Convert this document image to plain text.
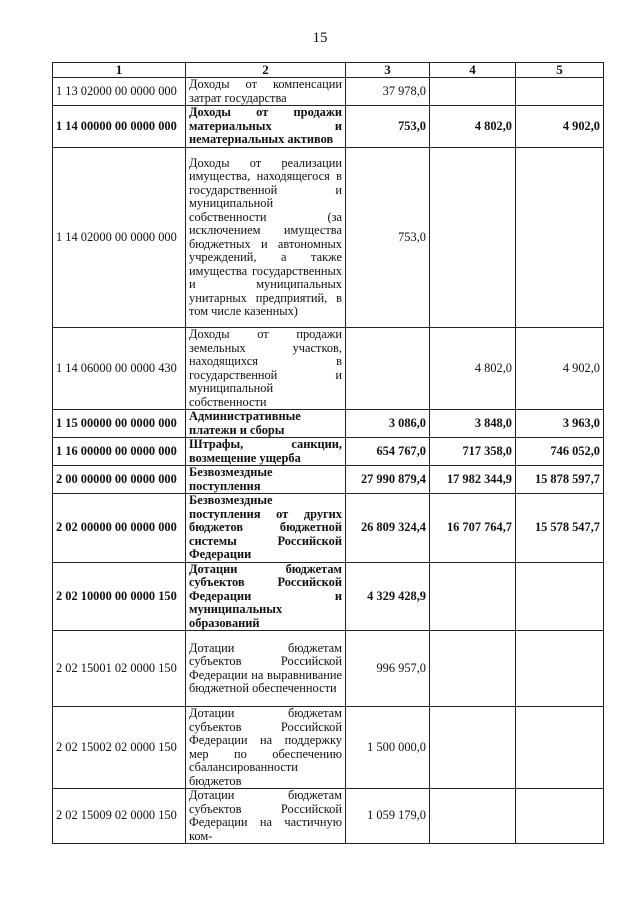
15
1	2	3	4	5
1 13 02000 00 0000 000	Доходы от компенсации затрат государства	37 978,0		
1 14 00000 00 0000 000	Доходы от продажи материальных и нематериальных активов	753,0	4 802,0	4 902,0
1 14 02000 00 0000 000	Доходы от реализации имущества, находящегося в государственной и муниципальной собственности (за исключением имущества бюджетных и автономных учреждений, а также имущества государственных и муниципальных унитарных предприятий, в том числе казенных)	753,0		
1 14 06000 00 0000 430	Доходы от продажи земельных участков, находящихся в государственной и муниципальной собственности		4 802,0	4 902,0
1 15 00000 00 0000 000	Административные платежи и сборы	3 086,0	3 848,0	3 963,0
1 16 00000 00 0000 000	Штрафы, санкции, возмещение ущерба	654 767,0	717 358,0	746 052,0
2 00 00000 00 0000 000	Безвозмездные поступления	27 990 879,4	17 982 344,9	15 878 597,7
2 02 00000 00 0000 000	Безвозмездные поступления от других бюджетов бюджетной системы Российской Федерации	26 809 324,4	16 707 764,7	15 578 547,7
2 02 10000 00 0000 150	Дотации бюджетам субъектов Российской Федерации и муниципальных образований	4 329 428,9		
2 02 15001 02 0000 150	Дотации бюджетам субъектов Российской Федерации на выравнивание бюджетной обеспеченности	996 957,0		
2 02 15002 02 0000 150	Дотации бюджетам субъектов Российской Федерации на поддержку мер по обеспечению сбалансированности бюджетов	1 500 000,0		
2 02 15009 02 0000 150	Дотации бюджетам субъектов Российской Федерации на частичную ком-	1 059 179,0		
